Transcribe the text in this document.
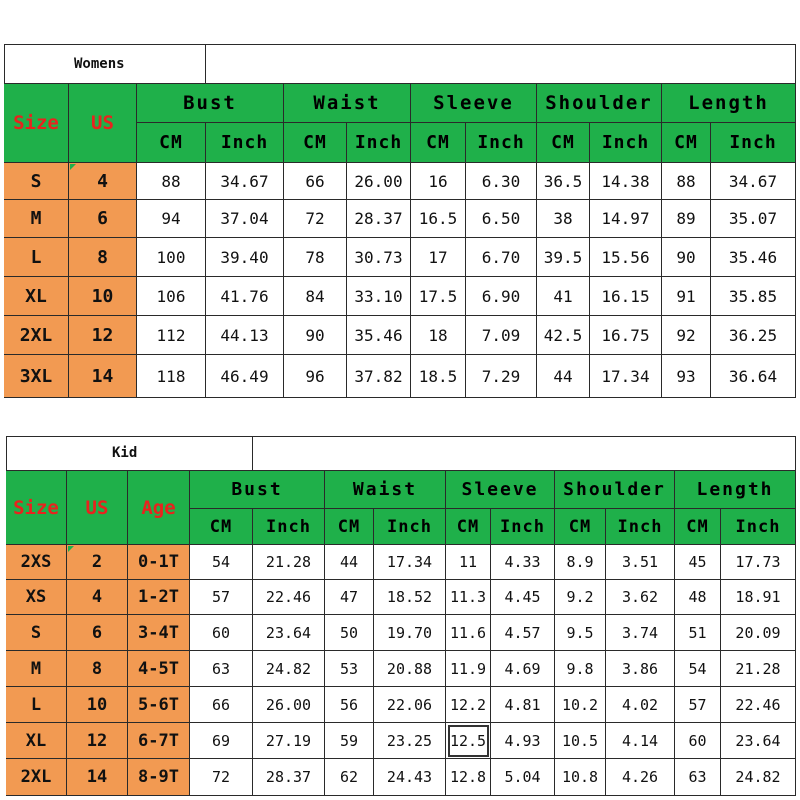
Womens
Size	US
Bust
CM	Inch
Waist
CM	Inch
Sleeve
CM	Inch
Shoulder
CM	Inch
Length
CM	Inch
S	4	88	34.67	66	26.00	16	6.30	36.5	14.38	88	34.67
M	6	94	37.04	72	28.37	16.5	6.50	38	14.97	89	35.07
L	8	100	39.40	78	30.73	17	6.70	39.5	15.56	90	35.46
XL	10	106	41.76	84	33.10	17.5	6.90	41	16.15	91	35.85
2XL	12	112	44.13	90	35.46	18	7.09	42.5	16.75	92	36.25
3XL	14	118	46.49	96	37.82	18.5	7.29	44	17.34	93	36.64
Kid
Size	US	Age
Bust
CM	Inch
Waist
CM	Inch
Sleeve
CM	Inch
Shoulder
CM	Inch
Length
CM	Inch
2XS	2	0-1T	54	21.28	44	17.34	11	4.33	8.9	3.51	45	17.73
XS	4	1-2T	57	22.46	47	18.52	11.3	4.45	9.2	3.62	48	18.91
S	6	3-4T	60	23.64	50	19.70	11.6	4.57	9.5	3.74	51	20.09
M	8	4-5T	63	24.82	53	20.88	11.9	4.69	9.8	3.86	54	21.28
L	10	5-6T	66	26.00	56	22.06	12.2	4.81	10.2	4.02	57	22.46
XL	12	6-7T	69	27.19	59	23.25	12.5	4.93	10.5	4.14	60	23.64
2XL	14	8-9T	72	28.37	62	24.43	12.8	5.04	10.8	4.26	63	24.82
